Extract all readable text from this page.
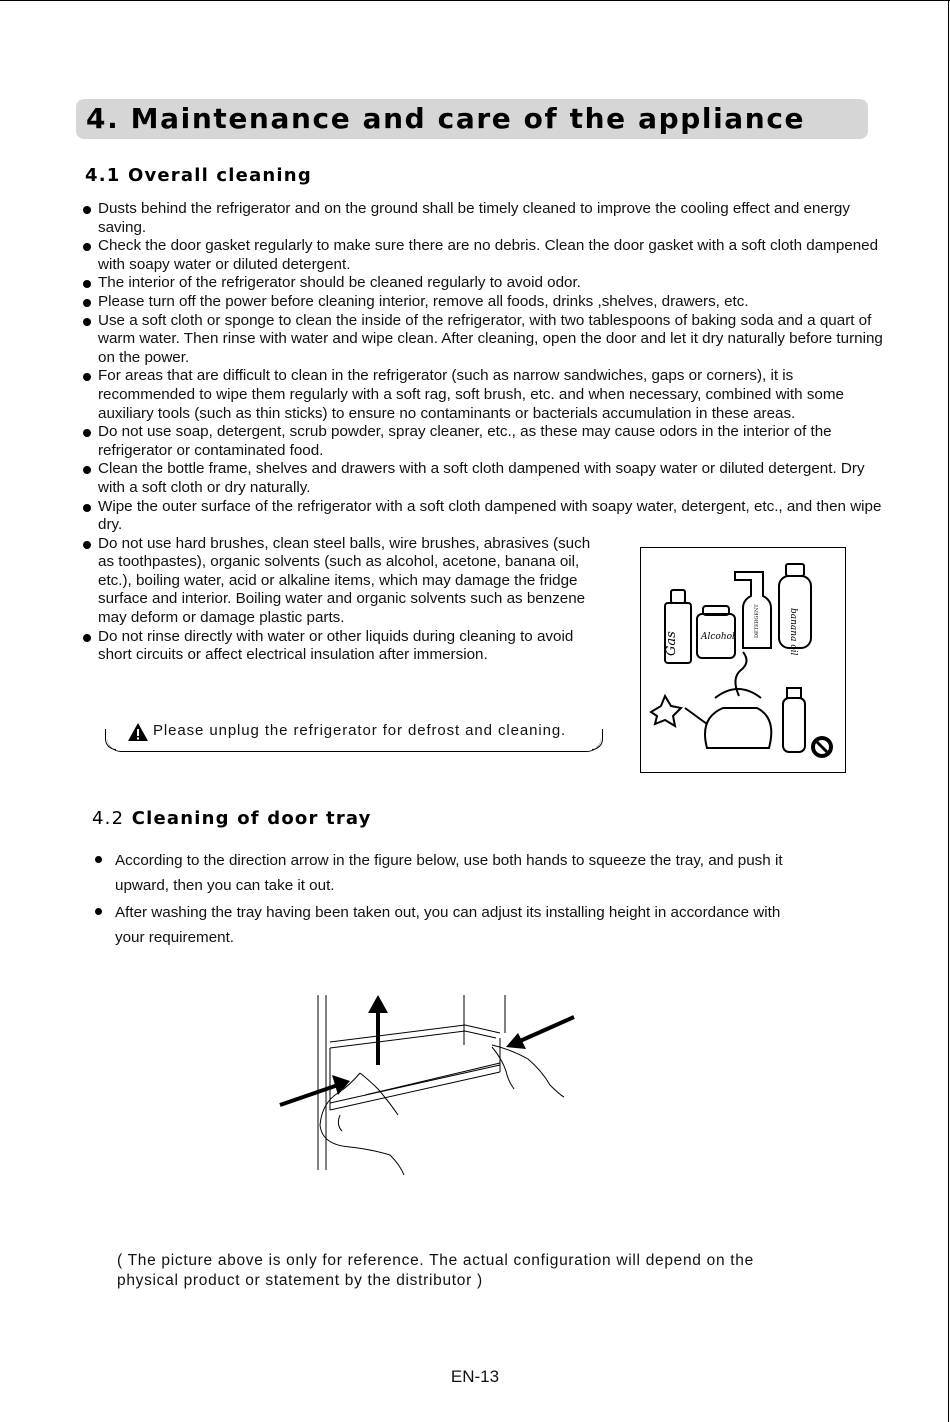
4. Maintenance and care of the appliance
4.1 Overall cleaning
Dusts behind the refrigerator and on the ground shall be timely cleaned to improve the cooling effect and energy saving.
Check the door gasket regularly to make sure there are no debris. Clean the door gasket with a soft cloth dampened with soapy water or diluted detergent.
The interior of the refrigerator should be cleaned regularly to avoid odor.
Please turn off the power before cleaning interior, remove all foods, drinks ,shelves, drawers, etc.
Use a soft cloth or sponge to clean the inside of the refrigerator, with two tablespoons of baking soda and a quart of warm water. Then rinse with water and wipe clean. After cleaning, open the door and let it dry naturally before turning on the power.
For areas that are difficult to clean in the refrigerator (such as narrow sandwiches, gaps or corners), it is recommended to wipe them regularly with a soft rag, soft brush, etc. and when necessary, combined with some auxiliary tools (such as thin sticks) to ensure no contaminants or bacterials accumulation in these areas.
Do not use soap, detergent, scrub powder, spray cleaner, etc., as these may cause odors in the interior of the refrigerator or contaminated food.
Clean the bottle frame, shelves and drawers with a soft cloth dampened with soapy water or diluted detergent. Dry with a soft cloth or dry naturally.
Wipe the outer surface of the refrigerator with a soft cloth dampened with soapy water, detergent, etc., and then wipe dry.
Do not use hard brushes, clean steel balls, wire brushes, abrasives (such as toothpastes), organic solvents (such as alcohol, acetone, banana oil, etc.), boiling water, acid or alkaline items, which may damage the fridge surface and interior. Boiling water and organic solvents such as benzene may deform or damage plastic parts.
Do not rinse directly with water or other liquids during cleaning to avoid short circuits or affect electrical insulation after immersion.
Please unplug the refrigerator for defrost and cleaning.
Gas Alcohol	DETERGENT	banana oil
4.2 Cleaning of door tray
According to the direction arrow in the figure below, use both hands to squeeze the tray, and push it upward, then you can take it out.
After washing the tray having been taken out, you can adjust its installing height in accordance with your requirement.
( The picture above is only for reference. The actual configuration will depend on the physical product or statement by the distributor )
EN-13
